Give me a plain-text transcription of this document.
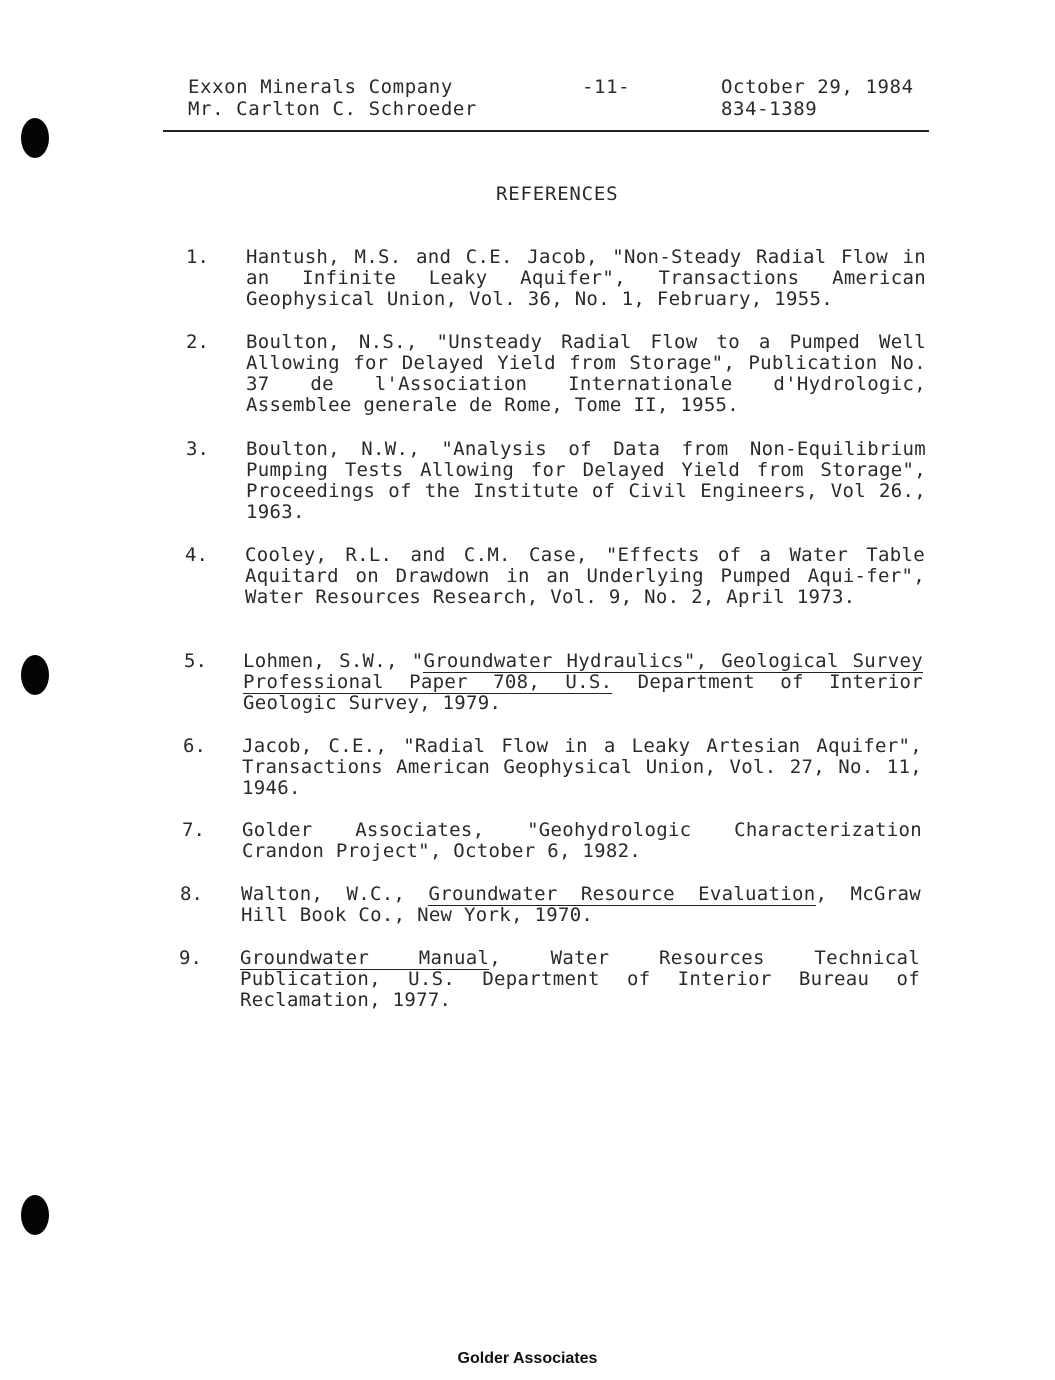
Exxon Minerals Company
Mr. Carlton C. Schroeder
-11-	October 29, 1984
834-1389
REFERENCES
1. Hantush, M.S. and C.E. Jacob, "Non-Steady Radial Flow in an Infinite Leaky Aquifer", Transactions American Geophysical Union, Vol. 36, No. 1, February, 1955.
2. Boulton, N.S., "Unsteady Radial Flow to a Pumped Well Allowing for Delayed Yield from Storage", Publication No. 37 de l'Association Internationale d'Hydrologic, Assemblee generale de Rome, Tome II, 1955.
3. Boulton, N.W., "Analysis of Data from Non-Equilibrium Pumping Tests Allowing for Delayed Yield from Storage", Proceedings of the Institute of Civil Engineers, Vol 26., 1963.
4. Cooley, R.L. and C.M. Case, "Effects of a Water Table Aquitard on Drawdown in an Underlying Pumped Aqui-fer", Water Resources Research, Vol. 9, No. 2, April 1973.
5. Lohmen, S.W., "Groundwater Hydraulics", Geological Survey Professional Paper 708, U.S. Department of Interior Geologic Survey, 1979.
6. Jacob, C.E., "Radial Flow in a Leaky Artesian Aquifer", Transactions American Geophysical Union, Vol. 27, No. 11, 1946.
7. Golder Associates, "Geohydrologic Characterization Crandon Project", October 6, 1982.
8. Walton, W.C., Groundwater Resource Evaluation, McGraw Hill Book Co., New York, 1970.
9. Groundwater Manual, Water Resources Technical Publication, U.S. Department of Interior Bureau of Reclamation, 1977.
Golder Associates
